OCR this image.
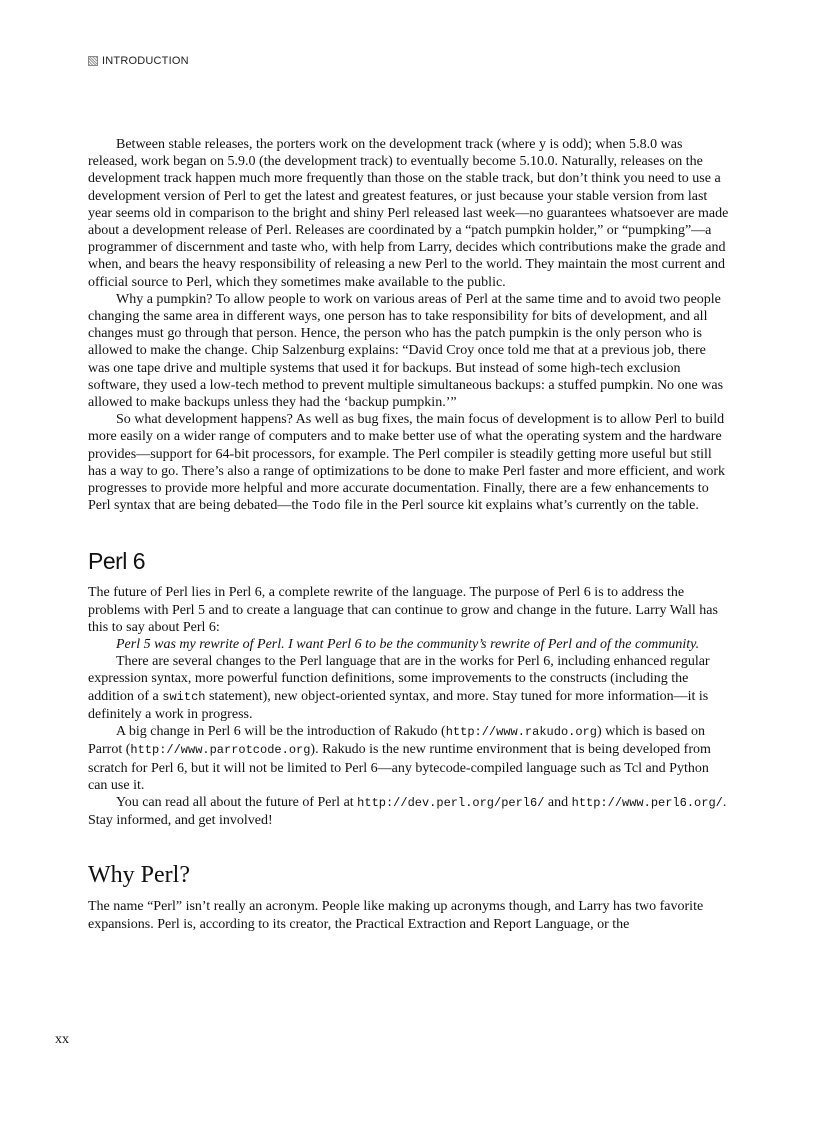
INTRODUCTION

Between stable releases, the porters work on the development track (where y is odd); when 5.8.0 was released, work began on 5.9.0 (the development track) to eventually become 5.10.0. Naturally, releases on the development track happen much more frequently than those on the stable track, but don’t think you need to use a development version of Perl to get the latest and greatest features, or just because your stable version from last year seems old in comparison to the bright and shiny Perl released last week—no guarantees whatsoever are made about a development release of Perl. Releases are coordinated by a “patch pumpkin holder,” or “pumpking”—a programmer of discernment and taste who, with help from Larry, decides which contributions make the grade and when, and bears the heavy responsibility of releasing a new Perl to the world. They maintain the most current and official source to Perl, which they sometimes make available to the public.

Why a pumpkin? To allow people to work on various areas of Perl at the same time and to avoid two people changing the same area in different ways, one person has to take responsibility for bits of development, and all changes must go through that person. Hence, the person who has the patch pumpkin is the only person who is allowed to make the change. Chip Salzenburg explains: “David Croy once told me that at a previous job, there was one tape drive and multiple systems that used it for backups. But instead of some high-tech exclusion software, they used a low-tech method to prevent multiple simultaneous backups: a stuffed pumpkin. No one was allowed to make backups unless they had the ‘backup pumpkin.’”

So what development happens? As well as bug fixes, the main focus of development is to allow Perl to build more easily on a wider range of computers and to make better use of what the operating system and the hardware provides—support for 64-bit processors, for example. The Perl compiler is steadily getting more useful but still has a way to go. There’s also a range of optimizations to be done to make Perl faster and more efficient, and work progresses to provide more helpful and more accurate documentation. Finally, there are a few enhancements to Perl syntax that are being debated—the Todo file in the Perl source kit explains what’s currently on the table.

Perl 6

The future of Perl lies in Perl 6, a complete rewrite of the language. The purpose of Perl 6 is to address the problems with Perl 5 and to create a language that can continue to grow and change in the future. Larry Wall has this to say about Perl 6:

Perl 5 was my rewrite of Perl. I want Perl 6 to be the community’s rewrite of Perl and of the community.

There are several changes to the Perl language that are in the works for Perl 6, including enhanced regular expression syntax, more powerful function definitions, some improvements to the constructs (including the addition of a switch statement), new object-oriented syntax, and more. Stay tuned for more information—it is definitely a work in progress.

A big change in Perl 6 will be the introduction of Rakudo (http://www.rakudo.org) which is based on Parrot (http://www.parrotcode.org). Rakudo is the new runtime environment that is being developed from scratch for Perl 6, but it will not be limited to Perl 6—any bytecode-compiled language such as Tcl and Python can use it.

You can read all about the future of Perl at http://dev.perl.org/perl6/ and http://www.perl6.org/. Stay informed, and get involved!

Why Perl?

The name “Perl” isn’t really an acronym. People like making up acronyms though, and Larry has two favorite expansions. Perl is, according to its creator, the Practical Extraction and Report Language, or the

xx
